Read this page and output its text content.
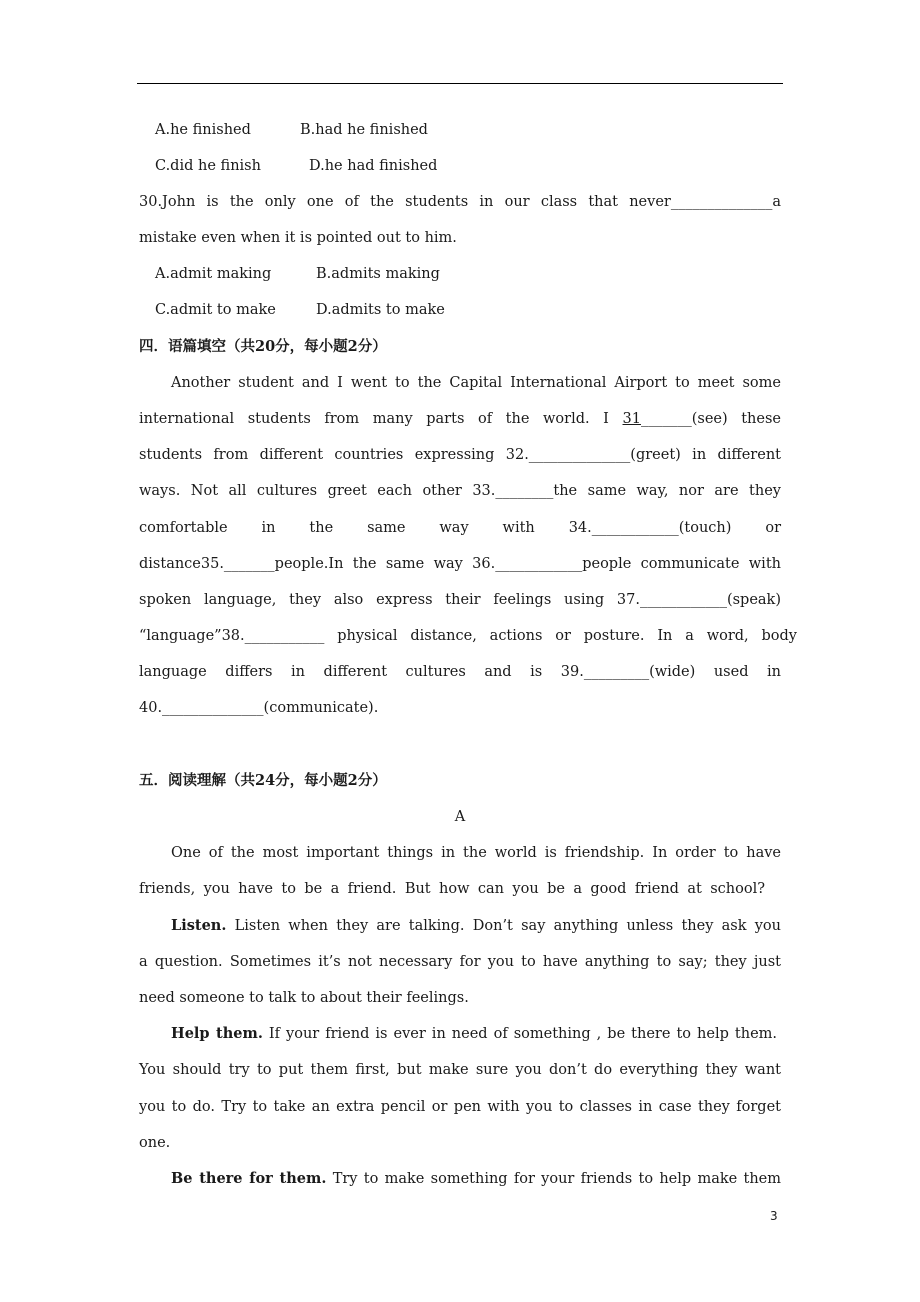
A.he finished	B.had he finished
C.did he finish	D.he had finished
30.John is the only one of the students in our class that never______________a
mistake even when it is pointed out to him.
A.admit making	B.admits making
C.admit to make	D.admits to make
四．语篇填空（共20分，每小题2分）
Another student and I went to the Capital International Airport to meet some
international students from many parts of the world. I 31_______(see) these
students from different countries expressing 32.______________(greet) in different
ways. Not all cultures greet each other 33.________the same way, nor are they
comfortable in the same way with 34.____________(touch) or
distance35._______people.In the same way 36.____________people communicate with
spoken language, they also express their feelings using 37.____________(speak)
“language”38.___________ physical distance, actions or posture. In a word, body
language differs in different cultures and is 39._________(wide) used in
40.______________(communicate).
五．阅读理解（共24分，每小题2分）
A
One of the most important things in the world is friendship. In order to have
friends, you have to be a friend. But how can you be a good friend at school?
Listen. Listen when they are talking. Don’t say anything unless they ask you
a question. Sometimes it’s not necessary for you to have anything to say; they just
need someone to talk to about their feelings.
Help them. If your friend is ever in need of something , be there to help them.
You should try to put them first, but make sure you don’t do everything they want
you to do. Try to take an extra pencil or pen with you to classes in case they forget
one.
Be there for them. Try to make something for your friends to help make them
3
